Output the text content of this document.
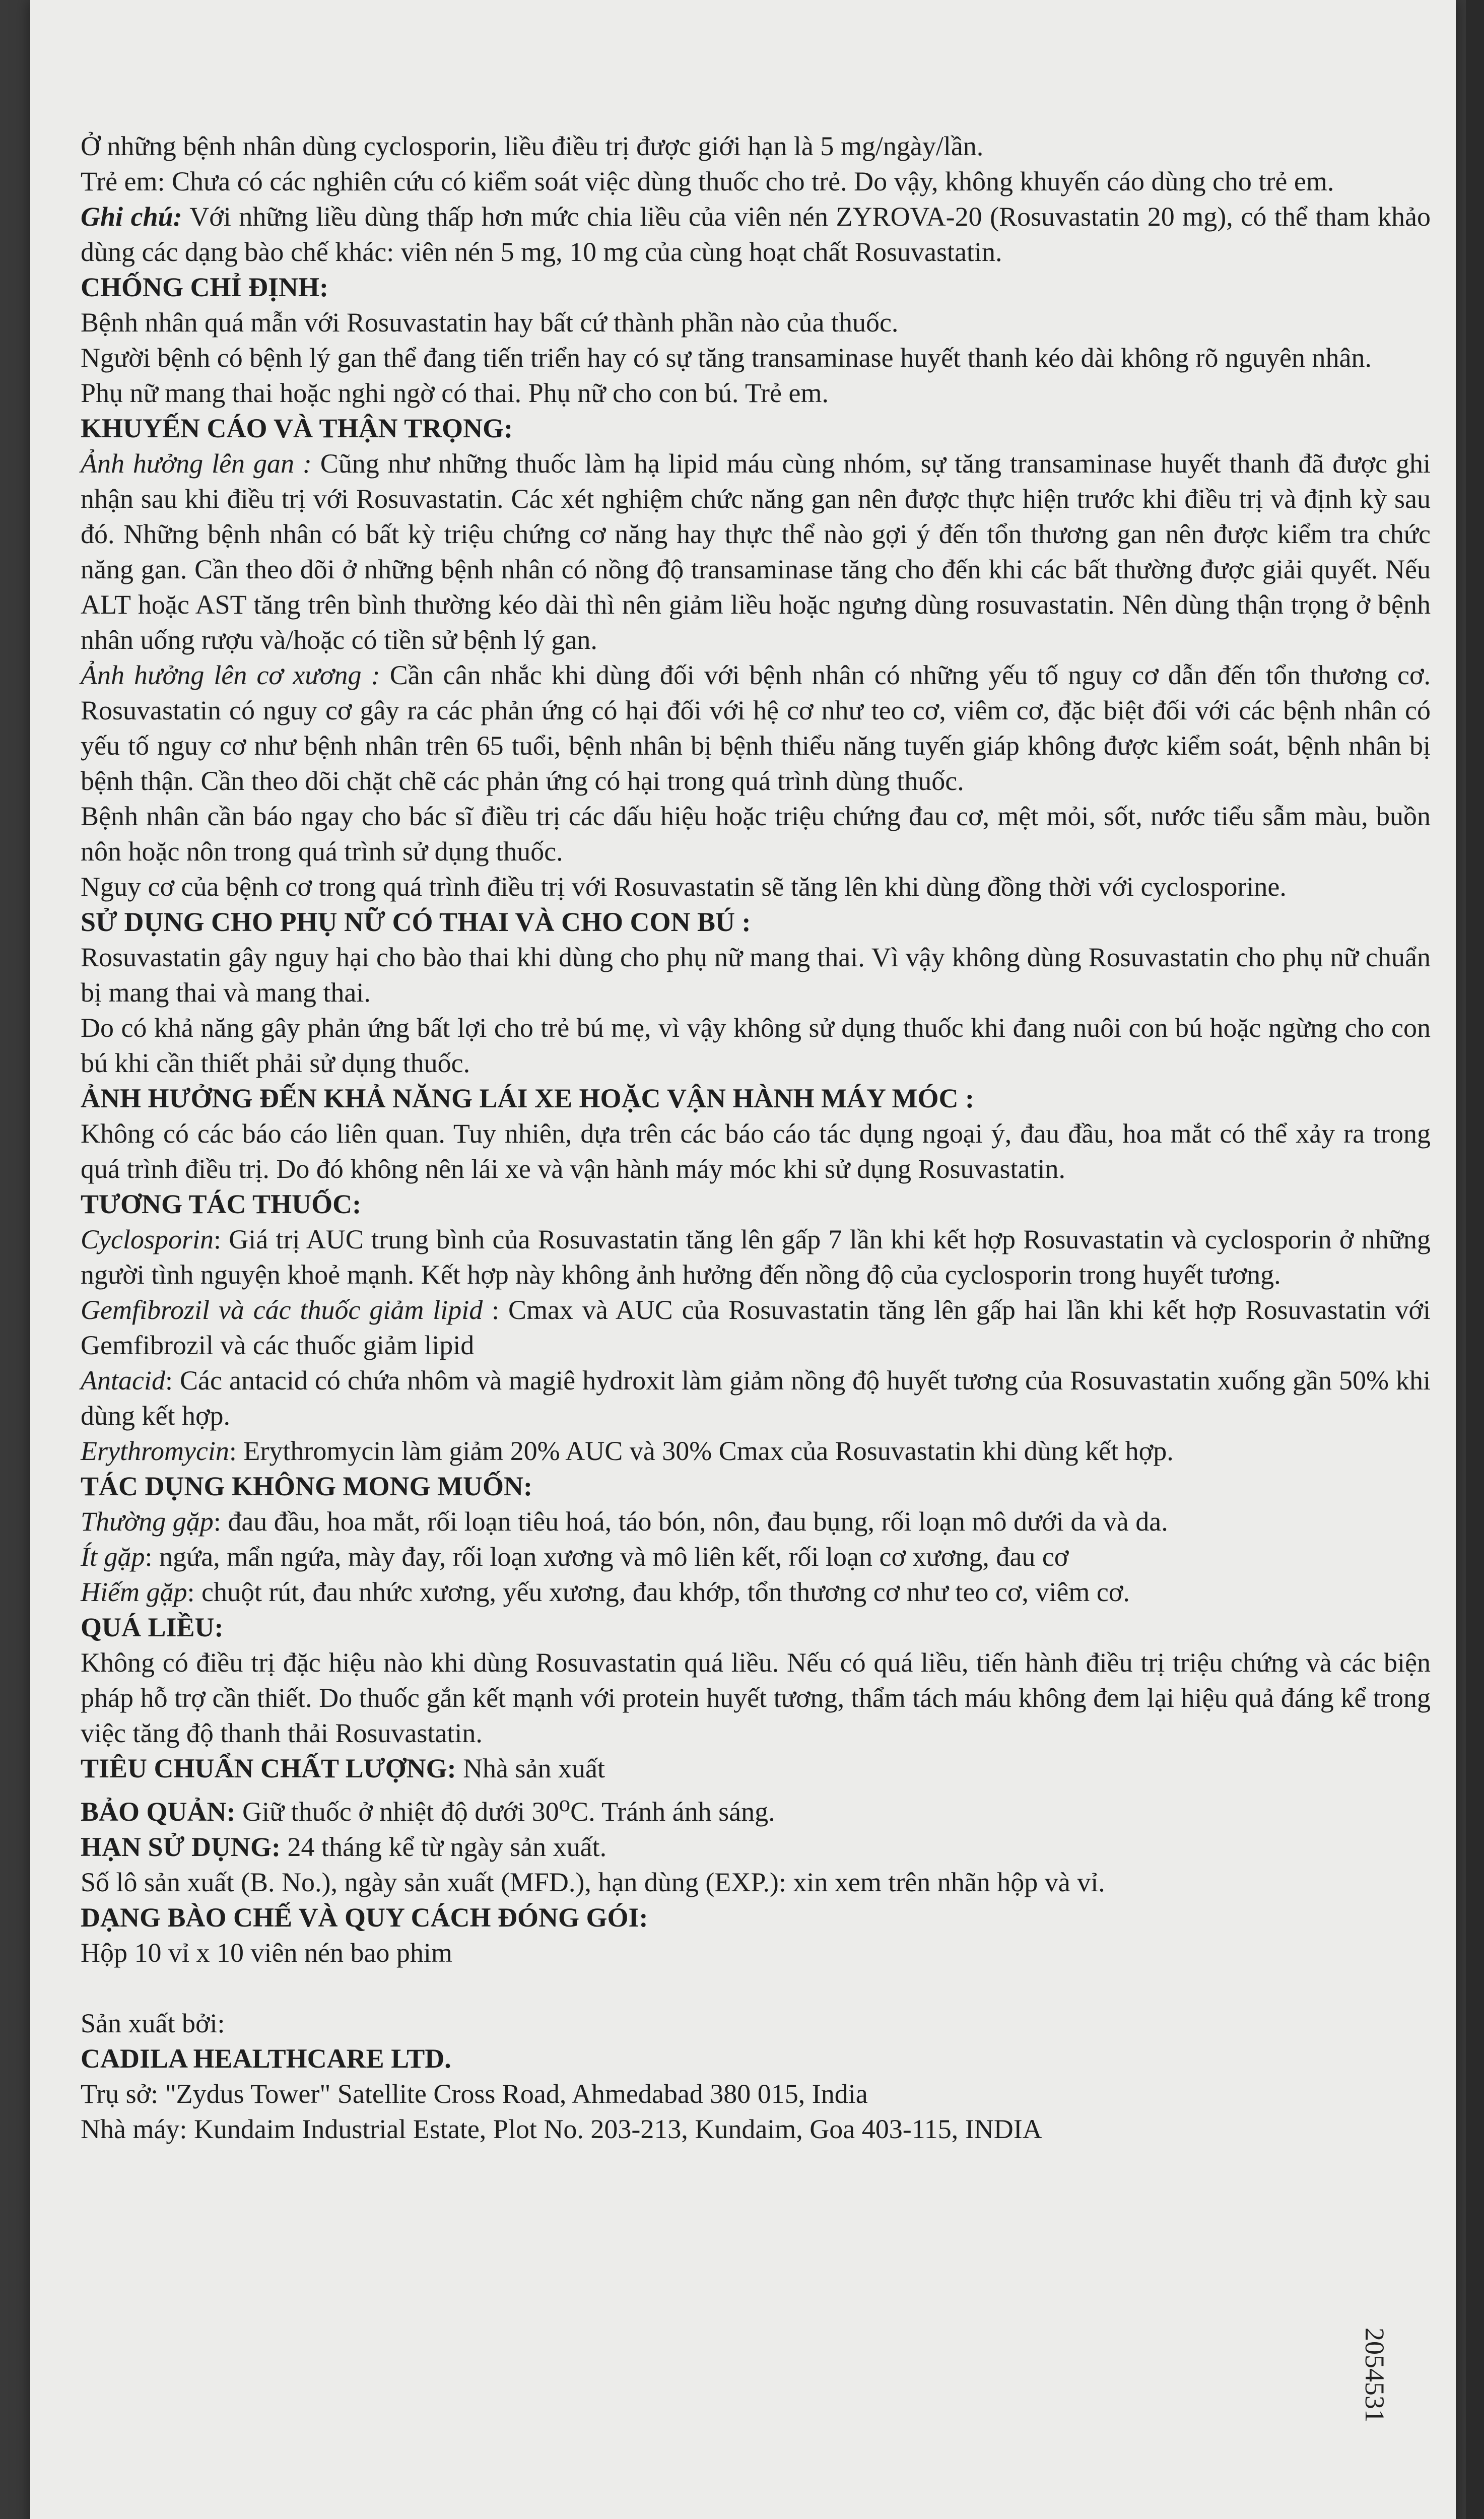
Ở những bệnh nhân dùng cyclosporin, liều điều trị được giới hạn là 5 mg/ngày/lần.

Trẻ em: Chưa có các nghiên cứu có kiểm soát việc dùng thuốc cho trẻ. Do vậy, không khuyến cáo dùng cho trẻ em.

Ghi chú: Với những liều dùng thấp hơn mức chia liều của viên nén ZYROVA-20 (Rosuvastatin 20 mg), có thể tham khảo dùng các dạng bào chế khác: viên nén 5 mg, 10 mg của cùng hoạt chất Rosuvastatin.

CHỐNG CHỈ ĐỊNH:

Bệnh nhân quá mẫn với Rosuvastatin hay bất cứ thành phần nào của thuốc.

Người bệnh có bệnh lý gan thể đang tiến triển hay có sự tăng transaminase huyết thanh kéo dài không rõ nguyên nhân.

Phụ nữ mang thai hoặc nghi ngờ có thai. Phụ nữ cho con bú. Trẻ em.

KHUYẾN CÁO VÀ THẬN TRỌNG:

Ảnh hưởng lên gan : Cũng như những thuốc làm hạ lipid máu cùng nhóm, sự tăng transaminase huyết thanh đã được ghi nhận sau khi điều trị với Rosuvastatin. Các xét nghiệm chức năng gan nên được thực hiện trước khi điều trị và định kỳ sau đó. Những bệnh nhân có bất kỳ triệu chứng cơ năng hay thực thể nào gợi ý đến tổn thương gan nên được kiểm tra chức năng gan. Cần theo dõi ở những bệnh nhân có nồng độ transaminase tăng cho đến khi các bất thường được giải quyết. Nếu ALT hoặc AST tăng trên bình thường kéo dài thì nên giảm liều hoặc ngưng dùng rosuvastatin. Nên dùng thận trọng ở bệnh nhân uống rượu và/hoặc có tiền sử bệnh lý gan.

Ảnh hưởng lên cơ xương : Cần cân nhắc khi dùng đối với bệnh nhân có những yếu tố nguy cơ dẫn đến tổn thương cơ. Rosuvastatin có nguy cơ gây ra các phản ứng có hại đối với hệ cơ như teo cơ, viêm cơ, đặc biệt đối với các bệnh nhân có yếu tố nguy cơ như bệnh nhân trên 65 tuổi, bệnh nhân bị bệnh thiểu năng tuyến giáp không được kiểm soát, bệnh nhân bị bệnh thận. Cần theo dõi chặt chẽ các phản ứng có hại trong quá trình dùng thuốc.

Bệnh nhân cần báo ngay cho bác sĩ điều trị các dấu hiệu hoặc triệu chứng đau cơ, mệt mỏi, sốt, nước tiểu sẫm màu, buồn nôn hoặc nôn trong quá trình sử dụng thuốc.

Nguy cơ của bệnh cơ trong quá trình điều trị với Rosuvastatin sẽ tăng lên khi dùng đồng thời với cyclosporine.

SỬ DỤNG CHO PHỤ NỮ CÓ THAI VÀ CHO CON BÚ :

Rosuvastatin gây nguy hại cho bào thai khi dùng cho phụ nữ mang thai. Vì vậy không dùng Rosuvastatin cho phụ nữ chuẩn bị mang thai và mang thai.

Do có khả năng gây phản ứng bất lợi cho trẻ bú mẹ, vì vậy không sử dụng thuốc khi đang nuôi con bú hoặc ngừng cho con bú khi cần thiết phải sử dụng thuốc.

ẢNH HƯỞNG ĐẾN KHẢ NĂNG LÁI XE HOẶC VẬN HÀNH MÁY MÓC :

Không có các báo cáo liên quan. Tuy nhiên, dựa trên các báo cáo tác dụng ngoại ý, đau đầu, hoa mắt có thể xảy ra trong quá trình điều trị. Do đó không nên lái xe và vận hành máy móc khi sử dụng Rosuvastatin.

TƯƠNG TÁC THUỐC:

Cyclosporin: Giá trị AUC trung bình của Rosuvastatin tăng lên gấp 7 lần khi kết hợp Rosuvastatin và cyclosporin ở những người tình nguyện khoẻ mạnh. Kết hợp này không ảnh hưởng đến nồng độ của cyclosporin trong huyết tương.

Gemfibrozil và các thuốc giảm lipid : Cmax và AUC của Rosuvastatin tăng lên gấp hai lần khi kết hợp Rosuvastatin với Gemfibrozil và các thuốc giảm lipid

Antacid: Các antacid có chứa nhôm và magiê hydroxit làm giảm nồng độ huyết tương của Rosuvastatin xuống gần 50% khi dùng kết hợp.

Erythromycin: Erythromycin làm giảm 20% AUC và 30% Cmax của Rosuvastatin khi dùng kết hợp.

TÁC DỤNG KHÔNG MONG MUỐN:

Thường gặp: đau đầu, hoa mắt, rối loạn tiêu hoá, táo bón, nôn, đau bụng, rối loạn mô dưới da và da.

Ít gặp: ngứa, mẩn ngứa, mày đay, rối loạn xương và mô liên kết, rối loạn cơ xương, đau cơ

Hiếm gặp: chuột rút, đau nhức xương, yếu xương, đau khớp, tổn thương cơ như teo cơ, viêm cơ.

QUÁ LIỀU:

Không có điều trị đặc hiệu nào khi dùng Rosuvastatin quá liều. Nếu có quá liều, tiến hành điều trị triệu chứng và các biện pháp hỗ trợ cần thiết. Do thuốc gắn kết mạnh với protein huyết tương, thẩm tách máu không đem lại hiệu quả đáng kể trong việc tăng độ thanh thải Rosuvastatin.

TIÊU CHUẨN CHẤT LƯỢNG: Nhà sản xuất

BẢO QUẢN: Giữ thuốc ở nhiệt độ dưới 30$^o$C. Tránh ánh sáng.

HẠN SỬ DỤNG: 24 tháng kể từ ngày sản xuất.

Số lô sản xuất (B. No.), ngày sản xuất (MFD.), hạn dùng (EXP.): xin xem trên nhãn hộp và vỉ.

DẠNG BÀO CHẾ VÀ QUY CÁCH ĐÓNG GÓI:

Hộp 10 vỉ x 10 viên nén bao phim

Sản xuất bởi:

CADILA HEALTHCARE LTD.

Trụ sở: "Zydus Tower" Satellite Cross Road, Ahmedabad 380 015, India

Nhà máy: Kundaim Industrial Estate, Plot No. 203-213, Kundaim, Goa 403-115, INDIA

2054531
